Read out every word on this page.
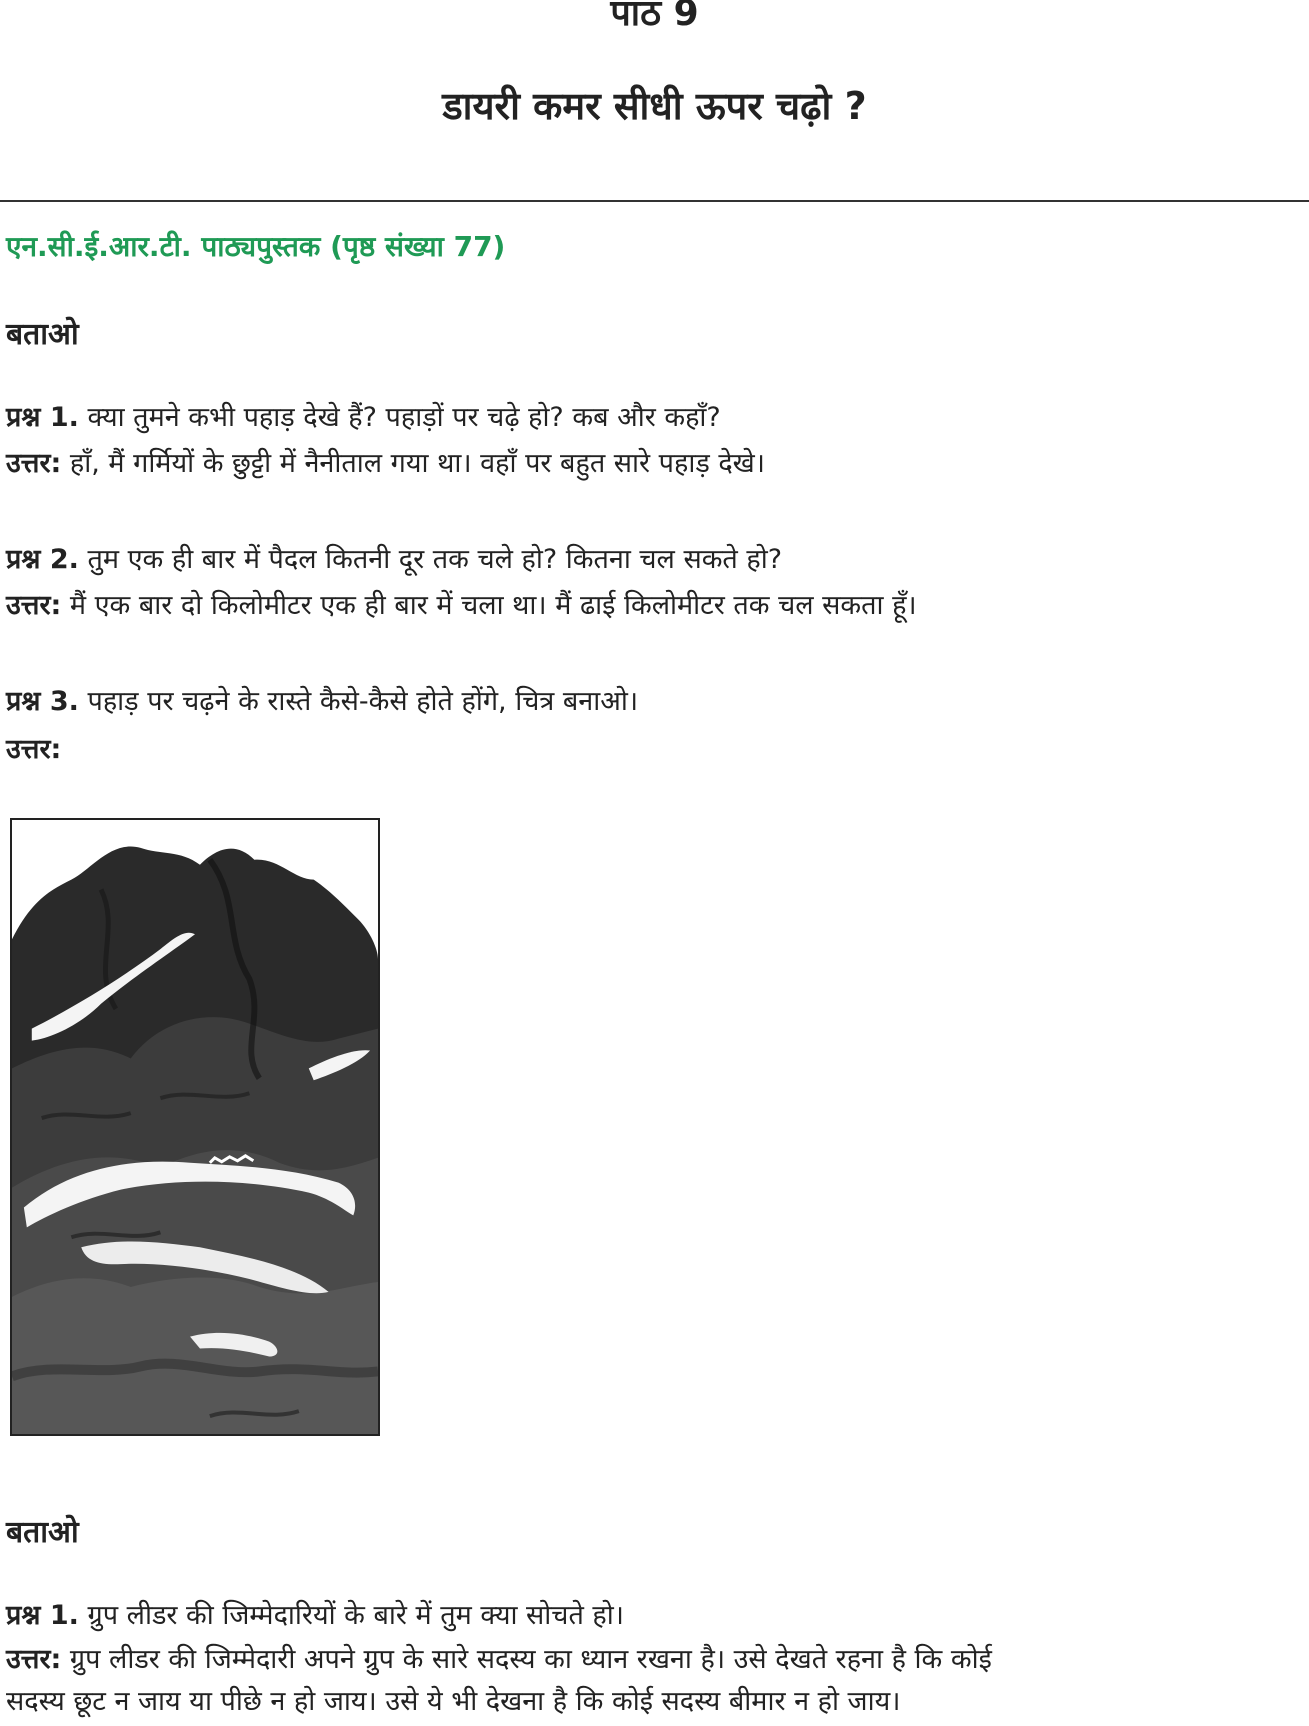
पाठ 9
डायरी कमर सीधी ऊपर चढ़ो ?
एन.सी.ई.आर.टी. पाठ्यपुस्तक (पृष्ठ संख्या 77)
बताओ
प्रश्न 1. क्या तुमने कभी पहाड़ देखे हैं? पहाड़ों पर चढ़े हो? कब और कहाँ?
उत्तर: हाँ, मैं गर्मियों के छुट्टी में नैनीताल गया था। वहाँ पर बहुत सारे पहाड़ देखे।
प्रश्न 2. तुम एक ही बार में पैदल कितनी दूर तक चले हो? कितना चल सकते हो?
उत्तर: मैं एक बार दो किलोमीटर एक ही बार में चला था। मैं ढाई किलोमीटर तक चल सकता हूँ।
प्रश्न 3. पहाड़ पर चढ़ने के रास्ते कैसे-कैसे होते होंगे, चित्र बनाओ।
उत्तर:
बताओ
प्रश्न 1. ग्रुप लीडर की जिम्मेदारियों के बारे में तुम क्या सोचते हो।
उत्तर: ग्रुप लीडर की जिम्मेदारी अपने ग्रुप के सारे सदस्य का ध्यान रखना है। उसे देखते रहना है कि कोई
सदस्य छूट न जाय या पीछे न हो जाय। उसे ये भी देखना है कि कोई सदस्य बीमार न हो जाय।
